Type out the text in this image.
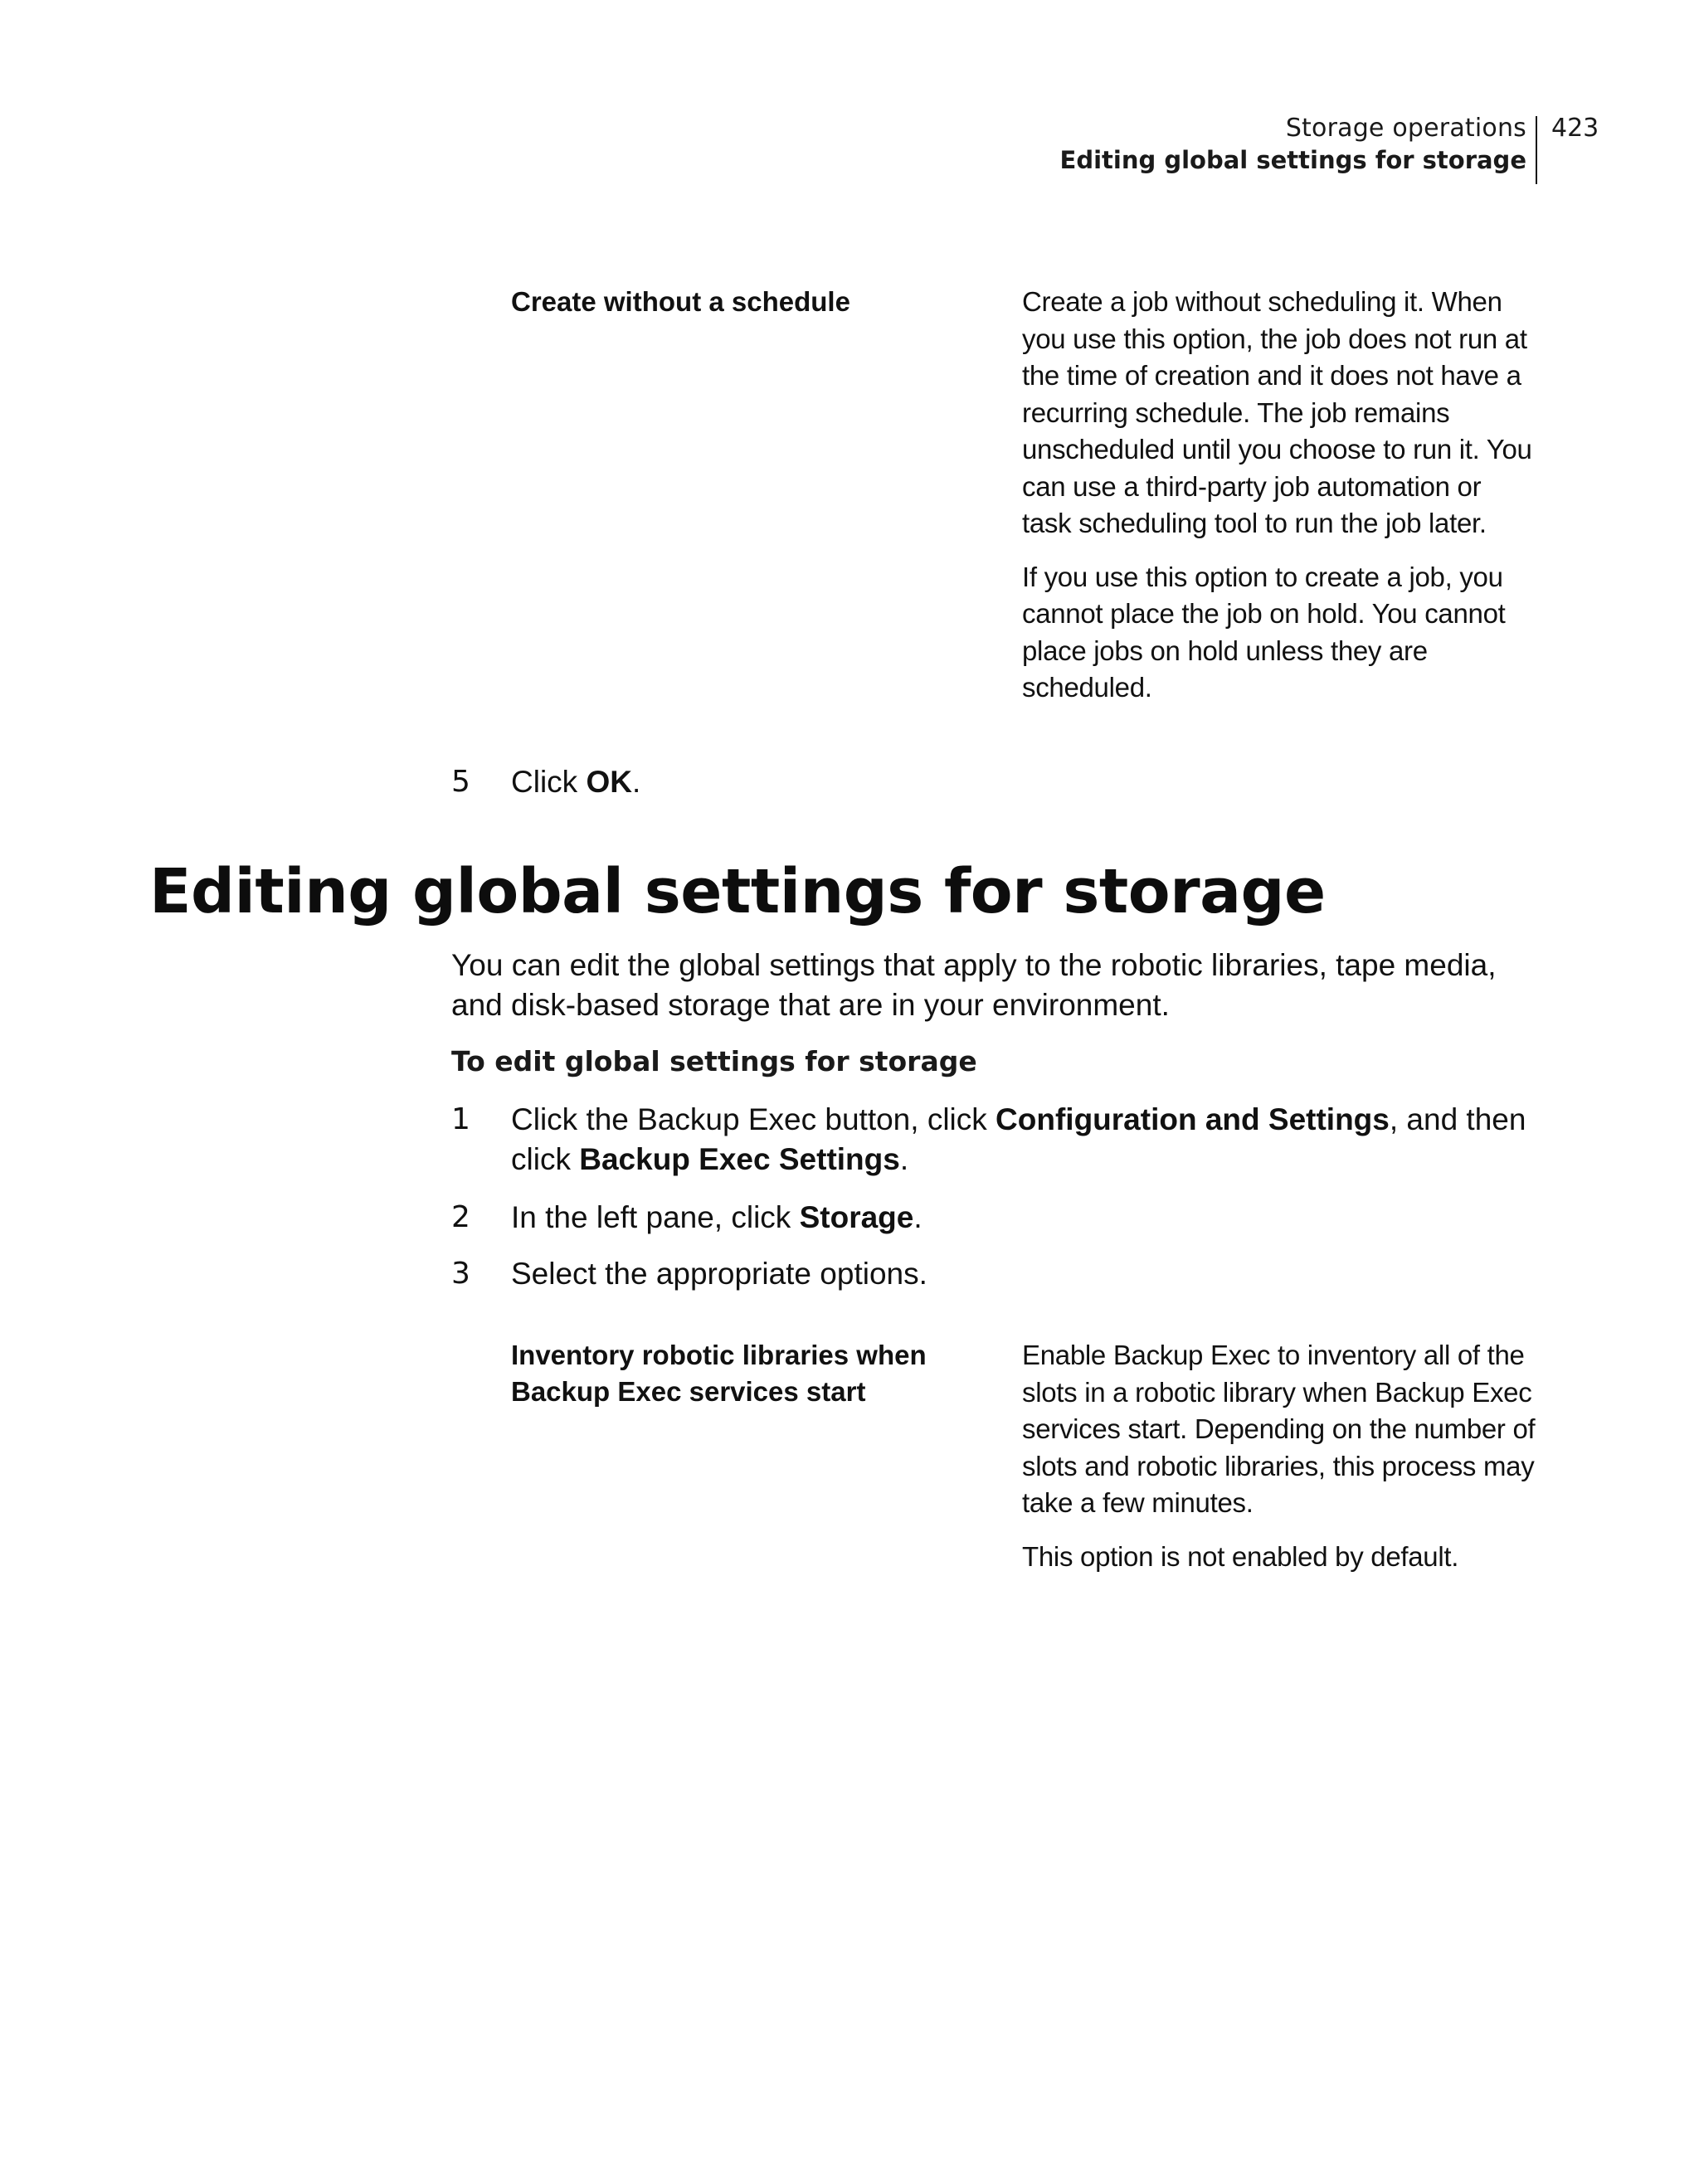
Storage operations
Editing global settings for storage
423
Create without a schedule	Create a job without scheduling it. When you use this option, the job does not run at the time of creation and it does not have a recurring schedule. The job remains unscheduled until you choose to run it. You can use a third-party job automation or task scheduling tool to run the job later.

If you use this option to create a job, you cannot place the job on hold. You cannot place jobs on hold unless they are scheduled.

5 Click OK.
Editing global settings for storage

You can edit the global settings that apply to the robotic libraries, tape media, and disk-based storage that are in your environment.

To edit global settings for storage

1 Click the Backup Exec button, click Configuration and Settings, and then click Backup Exec Settings.
2 In the left pane, click Storage.
3 Select the appropriate options.
Inventory robotic libraries when Backup Exec services start

Enable Backup Exec to inventory all of the slots in a robotic library when Backup Exec services start. Depending on the number of slots and robotic libraries, this process may take a few minutes.

This option is not enabled by default.
